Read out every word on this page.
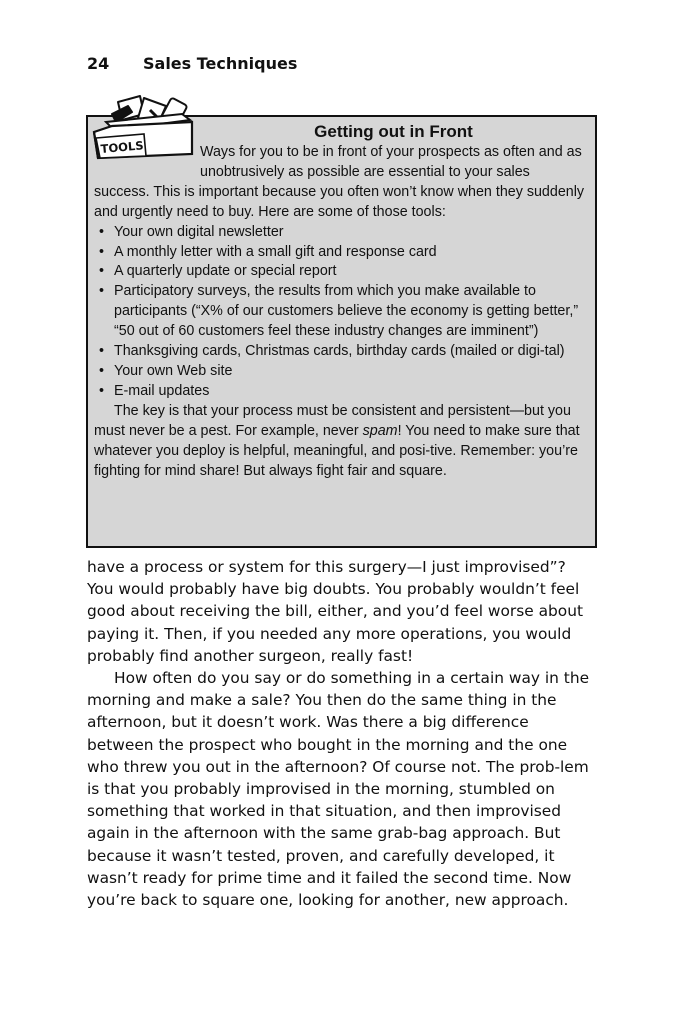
24 Sales Techniques
Getting out in Front

Ways for you to be in front of your prospects as often and as unobtrusively as possible are essential to your sales success. This is important because you often won’t know when they suddenly and urgently need to buy. Here are some of those tools:

• Your own digital newsletter
• A monthly letter with a small gift and response card
• A quarterly update or special report
• Participatory surveys, the results from which you make available to participants (“X% of our customers believe the economy is getting better,” “50 out of 60 customers feel these industry changes are imminent”)
• Thanksgiving cards, Christmas cards, birthday cards (mailed or digi-tal)
• Your own Web site
• E-mail updates

The key is that your process must be consistent and persistent—but you must never be a pest. For example, never spam! You need to make sure that whatever you deploy is helpful, meaningful, and posi-tive. Remember: you’re fighting for mind share! But always fight fair and square.

TOOLS

have a process or system for this surgery—I just improvised”? You would probably have big doubts. You probably wouldn’t feel good about receiving the bill, either, and you’d feel worse about paying it. Then, if you needed any more operations, you would probably find another surgeon, really fast!

How often do you say or do something in a certain way in the morning and make a sale? You then do the same thing in the afternoon, but it doesn’t work. Was there a big difference between the prospect who bought in the morning and the one who threw you out in the afternoon? Of course not. The prob-lem is that you probably improvised in the morning, stumbled on something that worked in that situation, and then improvised again in the afternoon with the same grab-bag approach. But because it wasn’t tested, proven, and carefully developed, it wasn’t ready for prime time and it failed the second time. Now you’re back to square one, looking for another, new approach.
